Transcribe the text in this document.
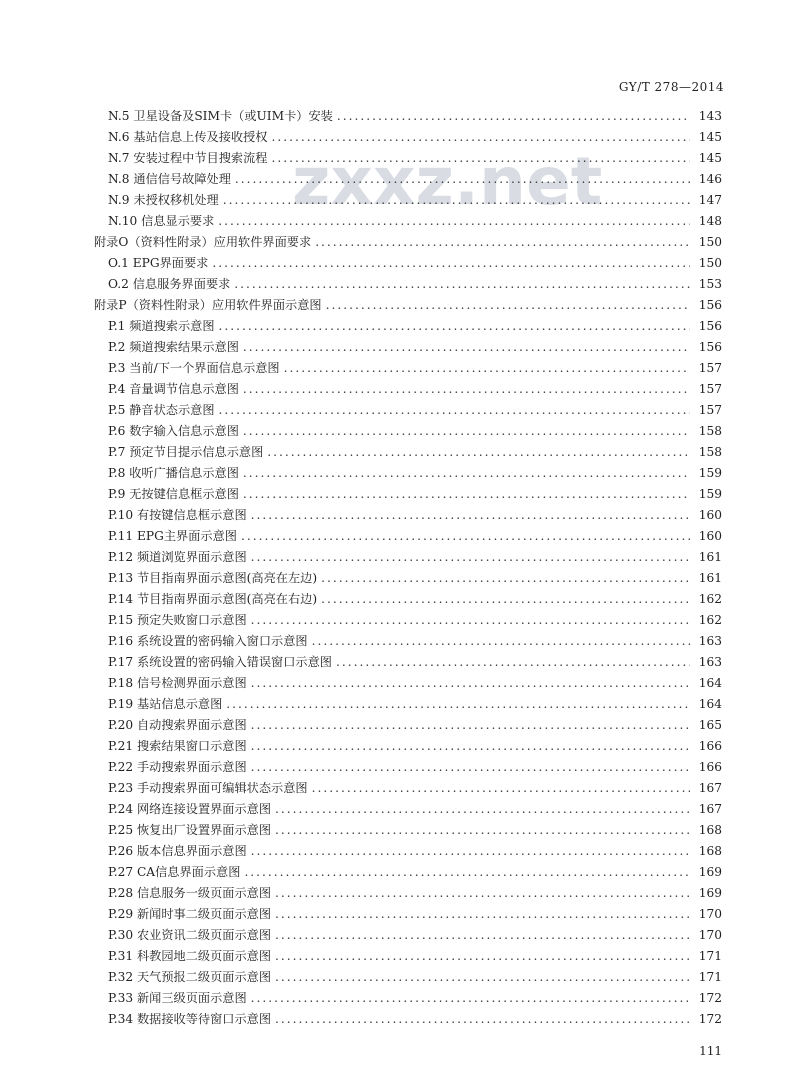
GY/T 278—2014
zxxz.net
N.5 卫星设备及SIM卡（或UIM卡）安装 .....	143
N.6 基站信息上传及接收授权 .....	145
N.7 安装过程中节目搜索流程 .....	145
N.8 通信信号故障处理 .....	146
N.9 未授权移机处理 .....	147
N.10 信息显示要求 .....	148
附录O（资料性附录）应用软件界面要求 .....	150
O.1 EPG界面要求 .....	150
O.2 信息服务界面要求 .....	153
附录P（资料性附录）应用软件界面示意图 .....	156
P.1 频道搜索示意图 .....	156
P.2 频道搜索结果示意图 .....	156
P.3 当前/下一个界面信息示意图 .....	157
P.4 音量调节信息示意图 .....	157
P.5 静音状态示意图 .....	157
P.6 数字输入信息示意图 .....	158
P.7 预定节目提示信息示意图 .....	158
P.8 收听广播信息示意图 .....	159
P.9 无按键信息框示意图 .....	159
P.10 有按键信息框示意图 .....	160
P.11 EPG主界面示意图 .....	160
P.12 频道浏览界面示意图 .....	161
P.13 节目指南界面示意图(高亮在左边) .....	161
P.14 节目指南界面示意图(高亮在右边) .....	162
P.15 预定失败窗口示意图 .....	162
P.16 系统设置的密码输入窗口示意图 .....	163
P.17 系统设置的密码输入错误窗口示意图 .....	163
P.18 信号检测界面示意图 .....	164
P.19 基站信息示意图 .....	164
P.20 自动搜索界面示意图 .....	165
P.21 搜索结果窗口示意图 .....	166
P.22 手动搜索界面示意图 .....	166
P.23 手动搜索界面可编辑状态示意图 .....	167
P.24 网络连接设置界面示意图 .....	167
P.25 恢复出厂设置界面示意图 .....	168
P.26 版本信息界面示意图 .....	168
P.27 CA信息界面示意图 .....	169
P.28 信息服务一级页面示意图 .....	169
P.29 新闻时事二级页面示意图 .....	170
P.30 农业资讯二级页面示意图 .....	170
P.31 科教园地二级页面示意图 .....	171
P.32 天气预报二级页面示意图 .....	171
P.33 新闻三级页面示意图 .....	172
P.34 数据接收等待窗口示意图 .....	172
111
